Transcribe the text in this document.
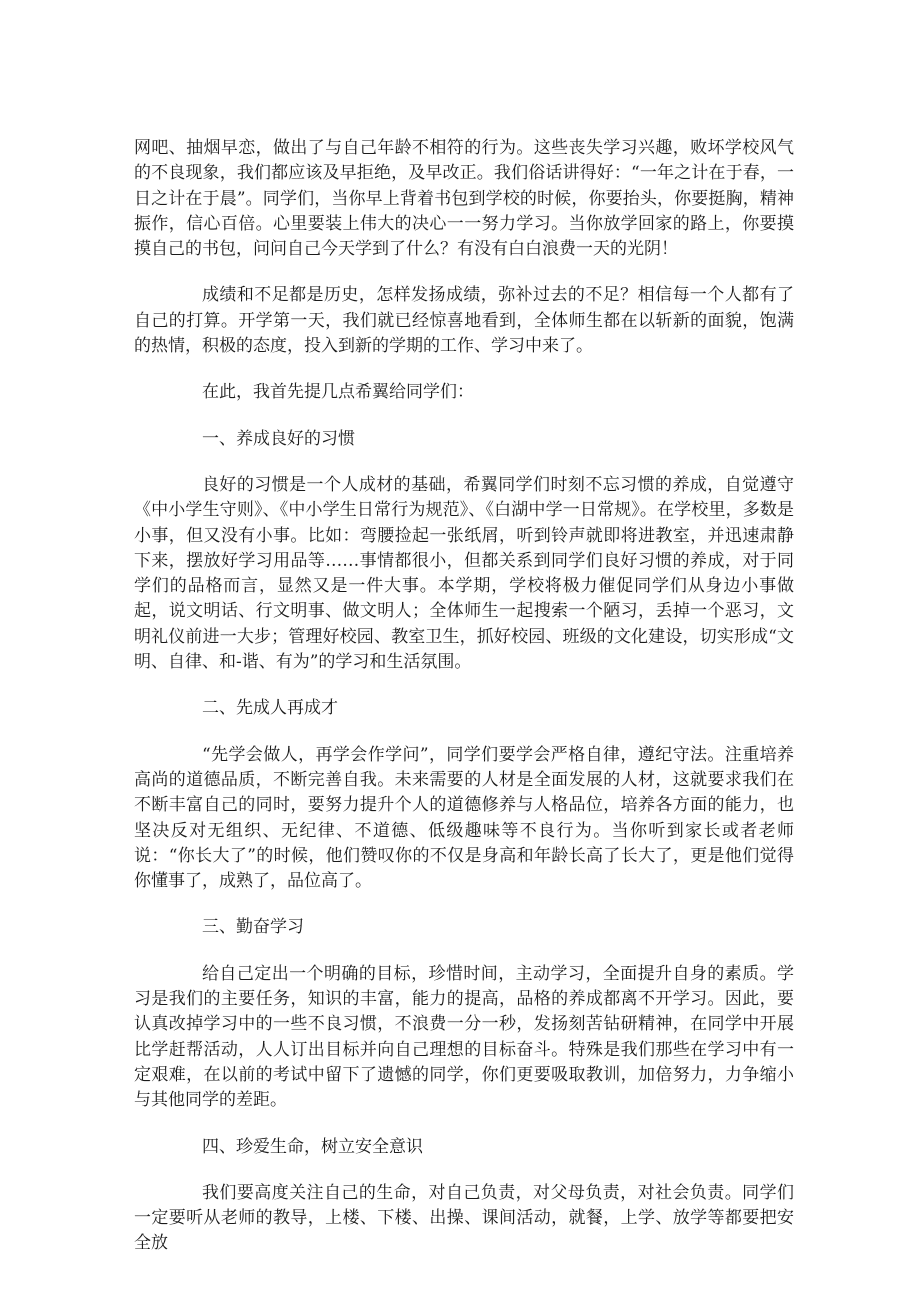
网吧、抽烟早恋，做出了与自己年龄不相符的行为。这些丧失学习兴趣，败坏学校风气的不良现象，我们都应该及早拒绝，及早改正。我们俗话讲得好：“一年之计在于春，一日之计在于晨”。同学们，当你早上背着书包到学校的时候，你要抬头，你要挺胸，精神振作，信心百倍。心里要装上伟大的决心一一努力学习。当你放学回家的路上，你要摸摸自己的书包，问问自己今天学到了什么？有没有白白浪费一天的光阴！

成绩和不足都是历史，怎样发扬成绩，弥补过去的不足？相信每一个人都有了自己的打算。开学第一天，我们就已经惊喜地看到，全体师生都在以斩新的面貌，饱满的热情，积极的态度，投入到新的学期的工作、学习中来了。

在此，我首先提几点希翼给同学们：

一、养成良好的习惯

良好的习惯是一个人成材的基础，希翼同学们时刻不忘习惯的养成，自觉遵守《中小学生守则》、《中小学生日常行为规范》、《白湖中学一日常规》。在学校里，多数是小事，但又没有小事。比如：弯腰捡起一张纸屑，听到铃声就即将进教室，并迅速肃静下来，摆放好学习用品等……事情都很小，但都关系到同学们良好习惯的养成，对于同学们的品格而言，显然又是一件大事。本学期，学校将极力催促同学们从身边小事做起，说文明话、行文明事、做文明人；全体师生一起搜索一个陋习，丢掉一个恶习，文明礼仪前进一大步；管理好校园、教室卫生，抓好校园、班级的文化建设，切实形成“文明、自律、和-谐、有为”的学习和生活氛围。

二、先成人再成才

“先学会做人，再学会作学问”，同学们要学会严格自律，遵纪守法。注重培养高尚的道德品质，不断完善自我。未来需要的人材是全面发展的人材，这就要求我们在不断丰富自己的同时，要努力提升个人的道德修养与人格品位，培养各方面的能力，也坚决反对无组织、无纪律、不道德、低级趣味等不良行为。当你听到家长或者老师说：“你长大了”的时候，他们赞叹你的不仅是身高和年龄长高了长大了，更是他们觉得你懂事了，成熟了，品位高了。

三、勤奋学习

给自己定出一个明确的目标，珍惜时间，主动学习，全面提升自身的素质。学习是我们的主要任务，知识的丰富，能力的提高，品格的养成都离不开学习。因此，要认真改掉学习中的一些不良习惯，不浪费一分一秒，发扬刻苦钻研精神，在同学中开展比学赶帮活动，人人订出目标并向自己理想的目标奋斗。特殊是我们那些在学习中有一定艰难，在以前的考试中留下了遗憾的同学，你们更要吸取教训，加倍努力，力争缩小与其他同学的差距。

四、珍爱生命，树立安全意识

我们要高度关注自己的生命，对自己负责，对父母负责，对社会负责。同学们一定要听从老师的教导，上楼、下楼、出操、课间活动，就餐，上学、放学等都要把安全放
